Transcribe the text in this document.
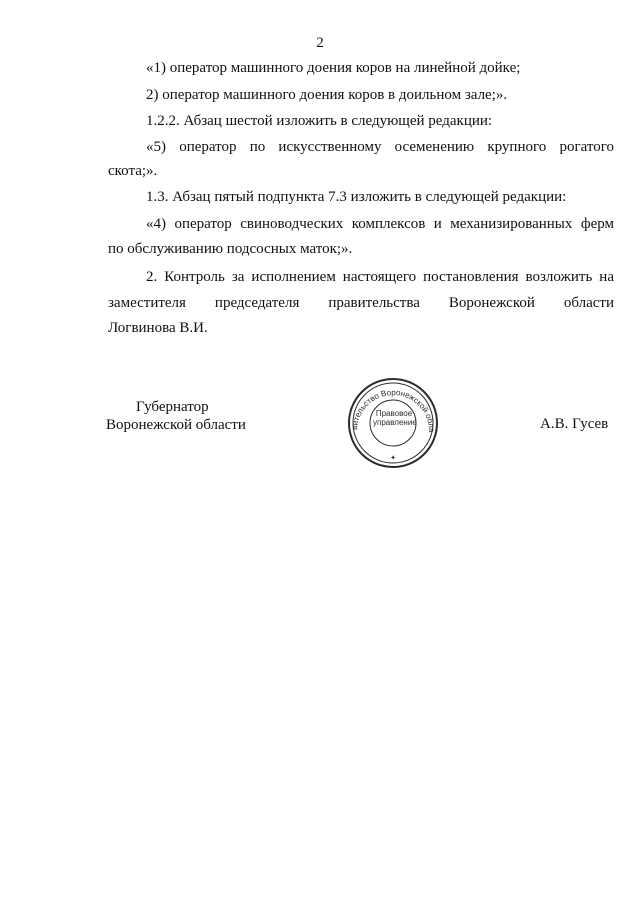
2
«1) оператор машинного доения коров на линейной дойке;
2) оператор машинного доения коров в доильном зале;».
1.2.2. Абзац шестой изложить в следующей редакции:
«5) оператор по искусственному осеменению крупного рогатого
скота;».
1.3. Абзац пятый подпункта 7.3 изложить в следующей редакции:
«4) оператор свиноводческих комплексов и механизированных ферм
по обслуживанию подсосных маток;».
2. Контроль за исполнением настоящего постановления возложить на
заместителя председателя правительства Воронежской области
Логвинова В.И.
Губернатор
Воронежской области
Правительство Воронежской области
✦
Правовое
управление	А.В. Гусев
